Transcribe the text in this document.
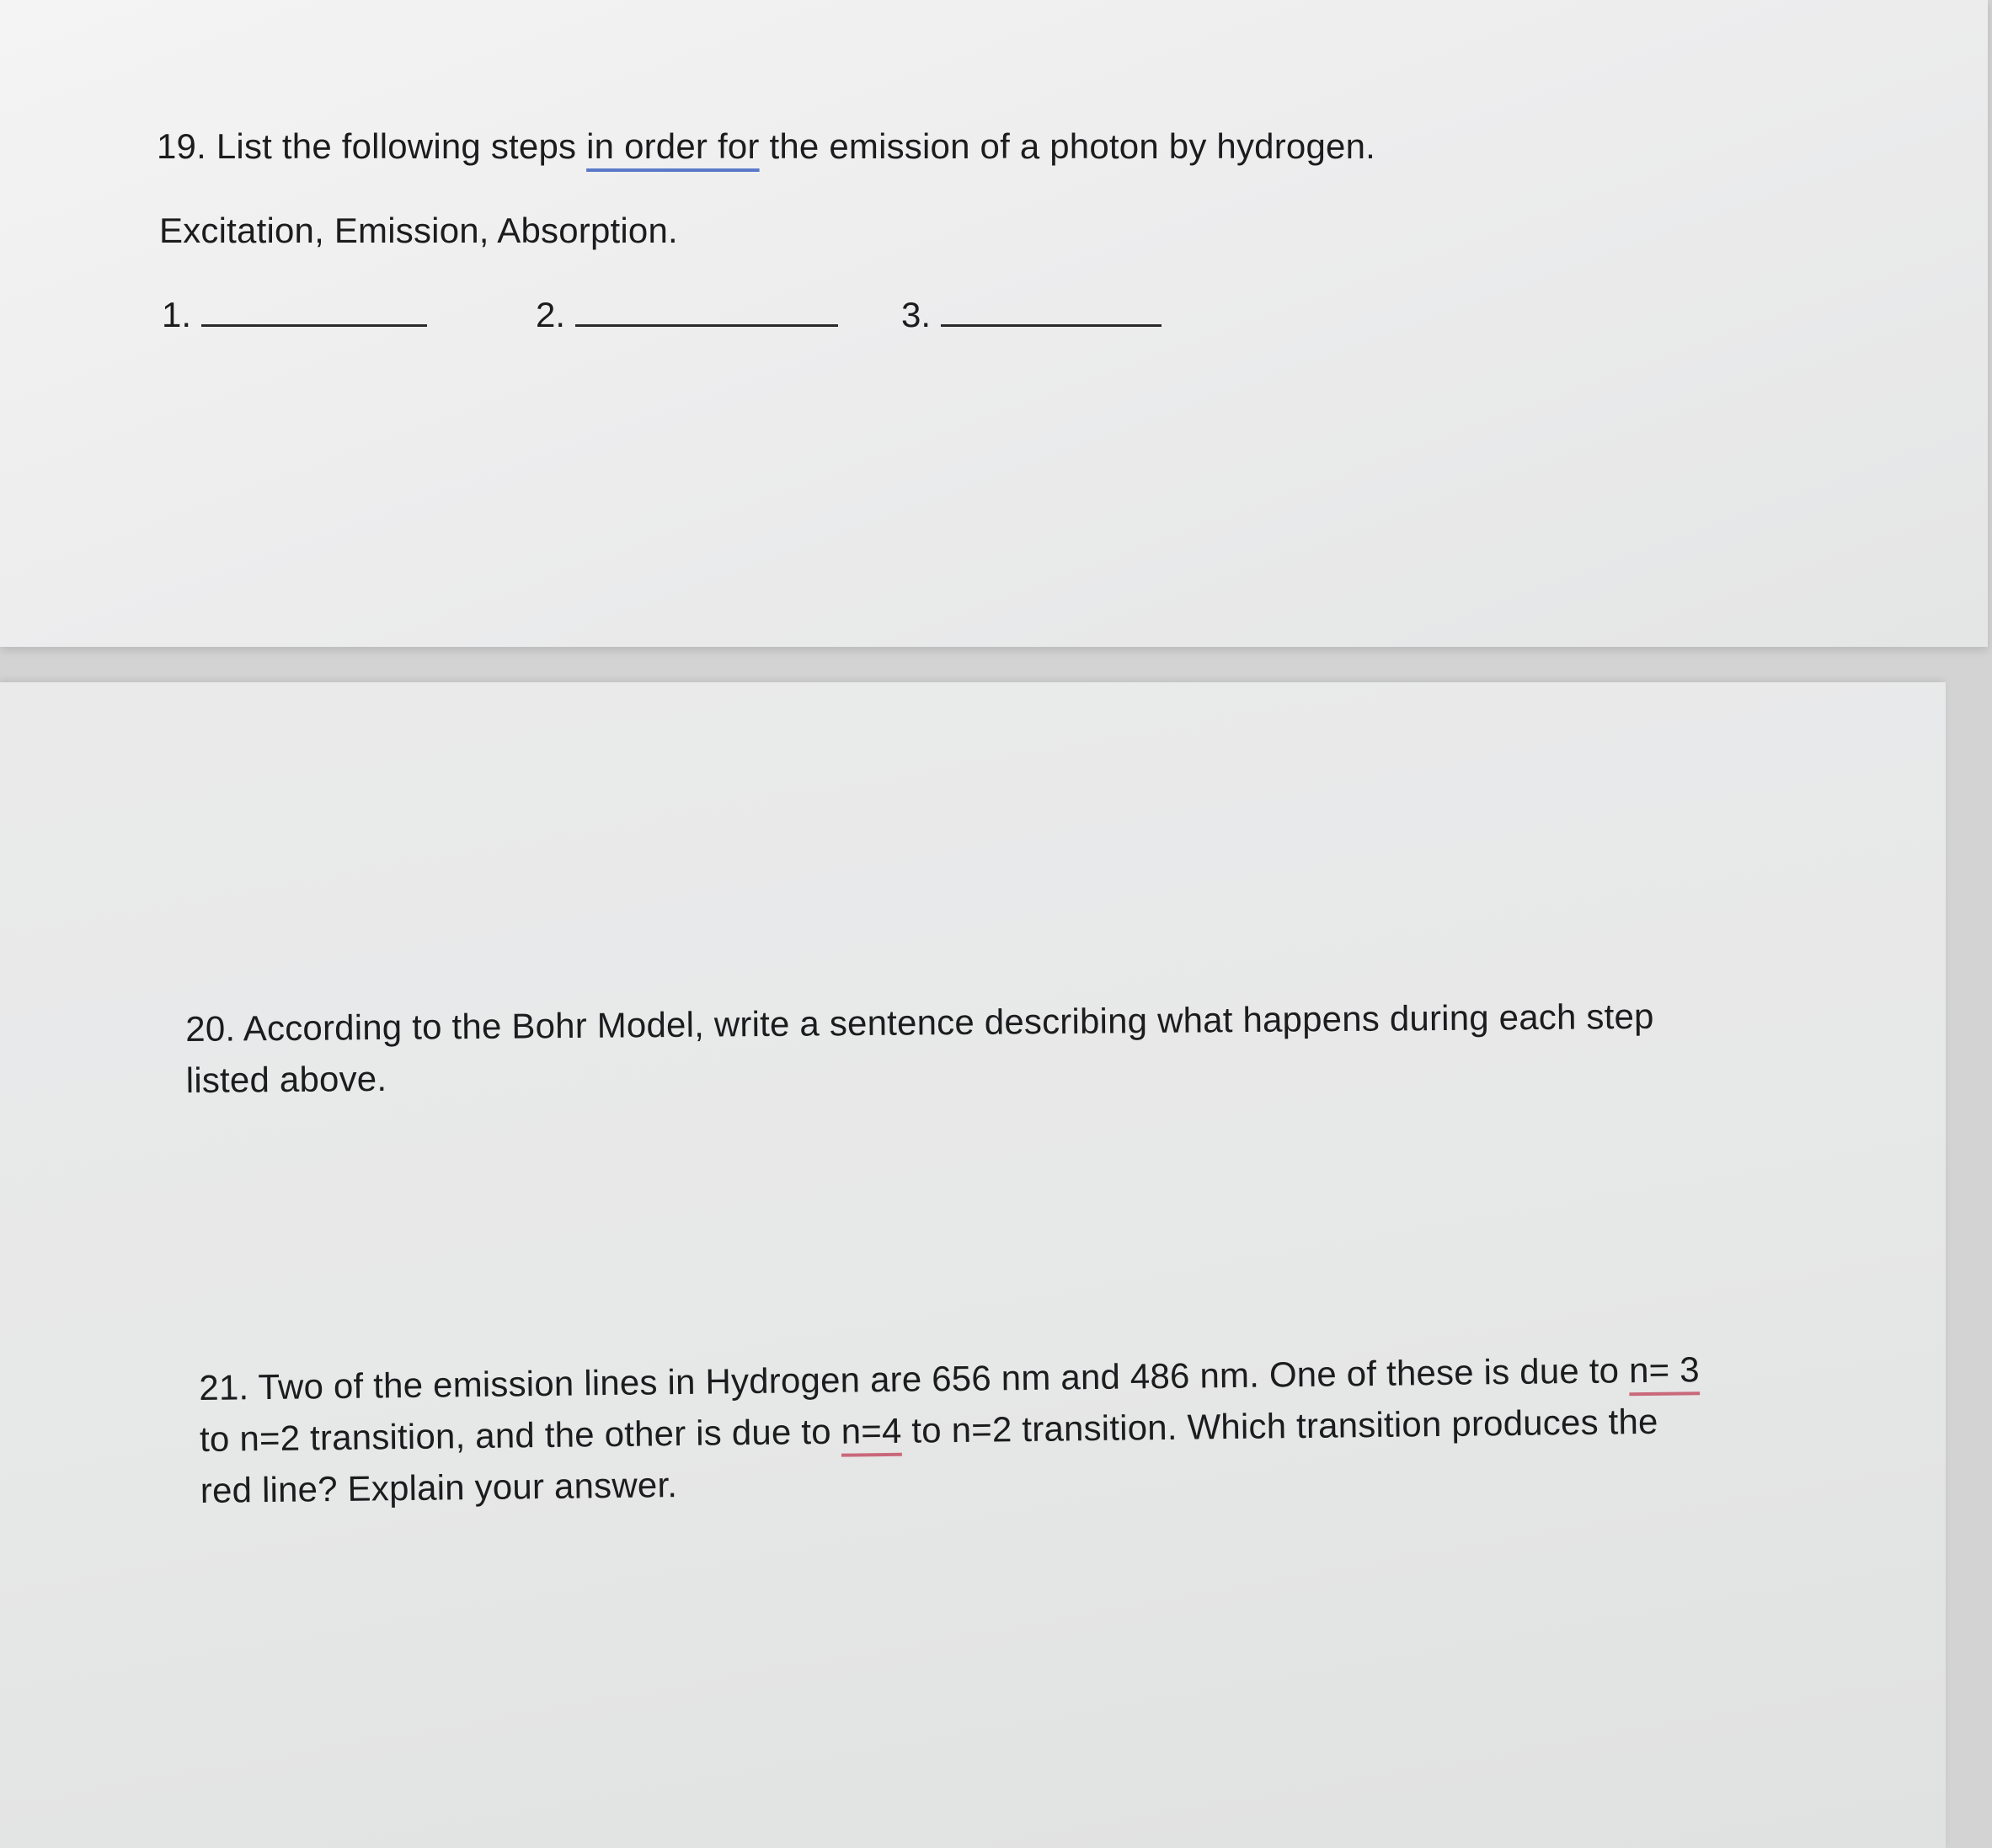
19. List the following steps in order for the emission of a photon by hydrogen.
Excitation, Emission, Absorption.
1.	2.	3.
20. According to the Bohr Model, write a sentence describing what happens during each step
listed above.
21. Two of the emission lines in Hydrogen are 656 nm and 486 nm. One of these is due to n= 3
to n=2 transition, and the other is due to n=4 to n=2 transition. Which transition produces the
red line? Explain your answer.
